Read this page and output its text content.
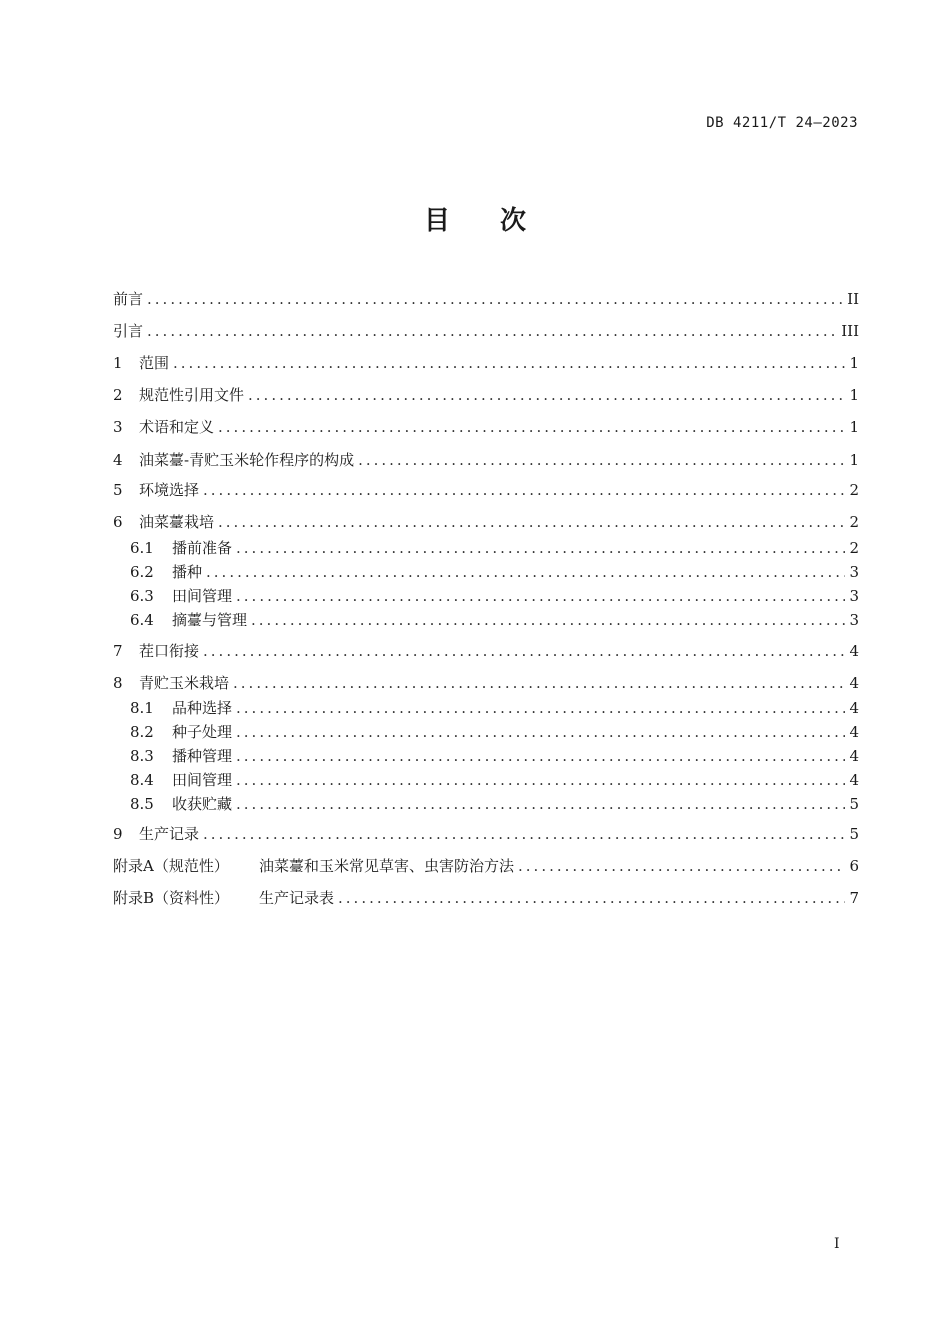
DB 4211/T 24—2023
目次
前言 .....	II
引言 .....	III
1	范围 .....	1
2	规范性引用文件 .....	1
3	术语和定义 .....	1
4	油菜薹-青贮玉米轮作程序的构成 .....	1
5	环境选择 .....	2
6	油菜薹栽培 .....	2
6.1	播前准备 .....	2
6.2	播种 .....	3
6.3	田间管理 .....	3
6.4	摘薹与管理 .....	3
7	茬口衔接 .....	4
8	青贮玉米栽培 .....	4
8.1	品种选择 .....	4
8.2	种子处理 .....	4
8.3	播种管理 .....	4
8.4	田间管理 .....	4
8.5	收获贮藏 .....	5
9	生产记录 .....	5
附录A（规范性）	油菜薹和玉米常见草害、虫害防治方法 .....	6
附录B（资料性）	生产记录表 .....	7
I
